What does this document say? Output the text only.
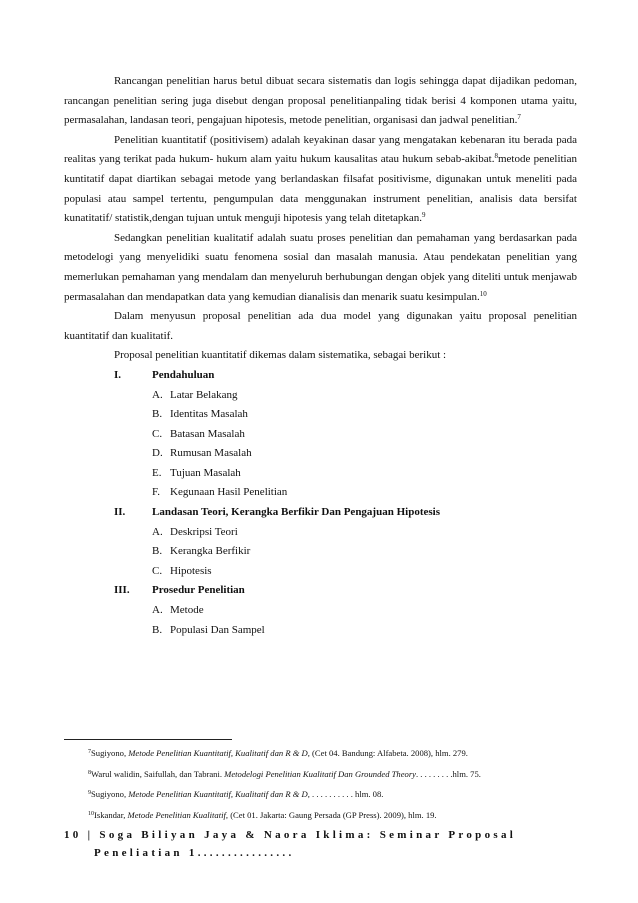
Rancangan penelitian harus betul dibuat secara sistematis dan logis sehingga dapat dijadikan pedoman, rancangan penelitian sering juga disebut dengan proposal penelitianpaling tidak berisi 4 komponen utama yaitu, permasalahan, landasan teori, pengajuan hipotesis, metode penelitian, organisasi dan jadwal penelitian.$^7$

Penelitian kuantitatif (positivisem) adalah keyakinan dasar yang mengatakan kebenaran itu berada pada realitas yang terikat pada hukum- hukum alam yaitu hukum kausalitas atau hukum sebab-akibat.$^8$metode penelitian kuntitatif dapat diartikan sebagai metode yang berlandaskan filsafat positivisme, digunakan untuk meneliti pada populasi atau sampel tertentu, pengumpulan data menggunakan instrument penelitian, analisis data bersifat kunatitatif/ statistik,dengan tujuan untuk menguji hipotesis yang telah ditetapkan.$^9$

Sedangkan penelitian kualitatif adalah suatu proses penelitian dan pemahaman yang berdasarkan pada metodelogi yang menyelidiki suatu fenomena sosial dan masalah manusia. Atau pendekatan penelitian yang memerlukan pemahaman yang mendalam dan menyeluruh berhubungan dengan objek yang diteliti untuk menjawab permasalahan dan mendapatkan data yang kemudian dianalisis dan menarik suatu kesimpulan.$^{10}$

Dalam menyusun proposal penelitian ada dua model yang digunakan yaitu proposal penelitian kuantitatif dan kualitatif.

Proposal penelitian kuantitatif dikemas dalam sistematika, sebagai berikut :

I.	Pendahuluan
A. Latar Belakang
B. Identitas Masalah
C. Batasan Masalah
D. Rumusan Masalah
E. Tujuan Masalah
F. Kegunaan Hasil Penelitian
II.	Landasan Teori, Kerangka Berfikir Dan Pengajuan Hipotesis
A. Deskripsi Teori
B. Kerangka Berfikir
C. Hipotesis
III.	Prosedur Penelitian
A. Metode
B. Populasi Dan Sampel
$^7$Sugiyono, Metode Penelitian Kuantitatif, Kualitatif dan R & D, (Cet 04. Bandung: Alfabeta. 2008), hlm. 279.
$^8$Warul walidin, Saifullah, dan Tabrani. Metodelogi Penelitian Kualitatif Dan Grounded Theory. . . . . . . . .hlm. 75.
$^9$Sugiyono, Metode Penelitian Kuantitatif, Kualitatif dan R & D, . . . . . . . . . . hlm. 08.
$^{10}$Iskandar, Metode Penelitian Kualitatif, (Cet 01. Jakarta: Gaung Persada (GP Press). 2009), hlm. 19.
10 | Soga Biliyan Jaya & Naora Iklima: Seminar Proposal
Peneliatian 1................
